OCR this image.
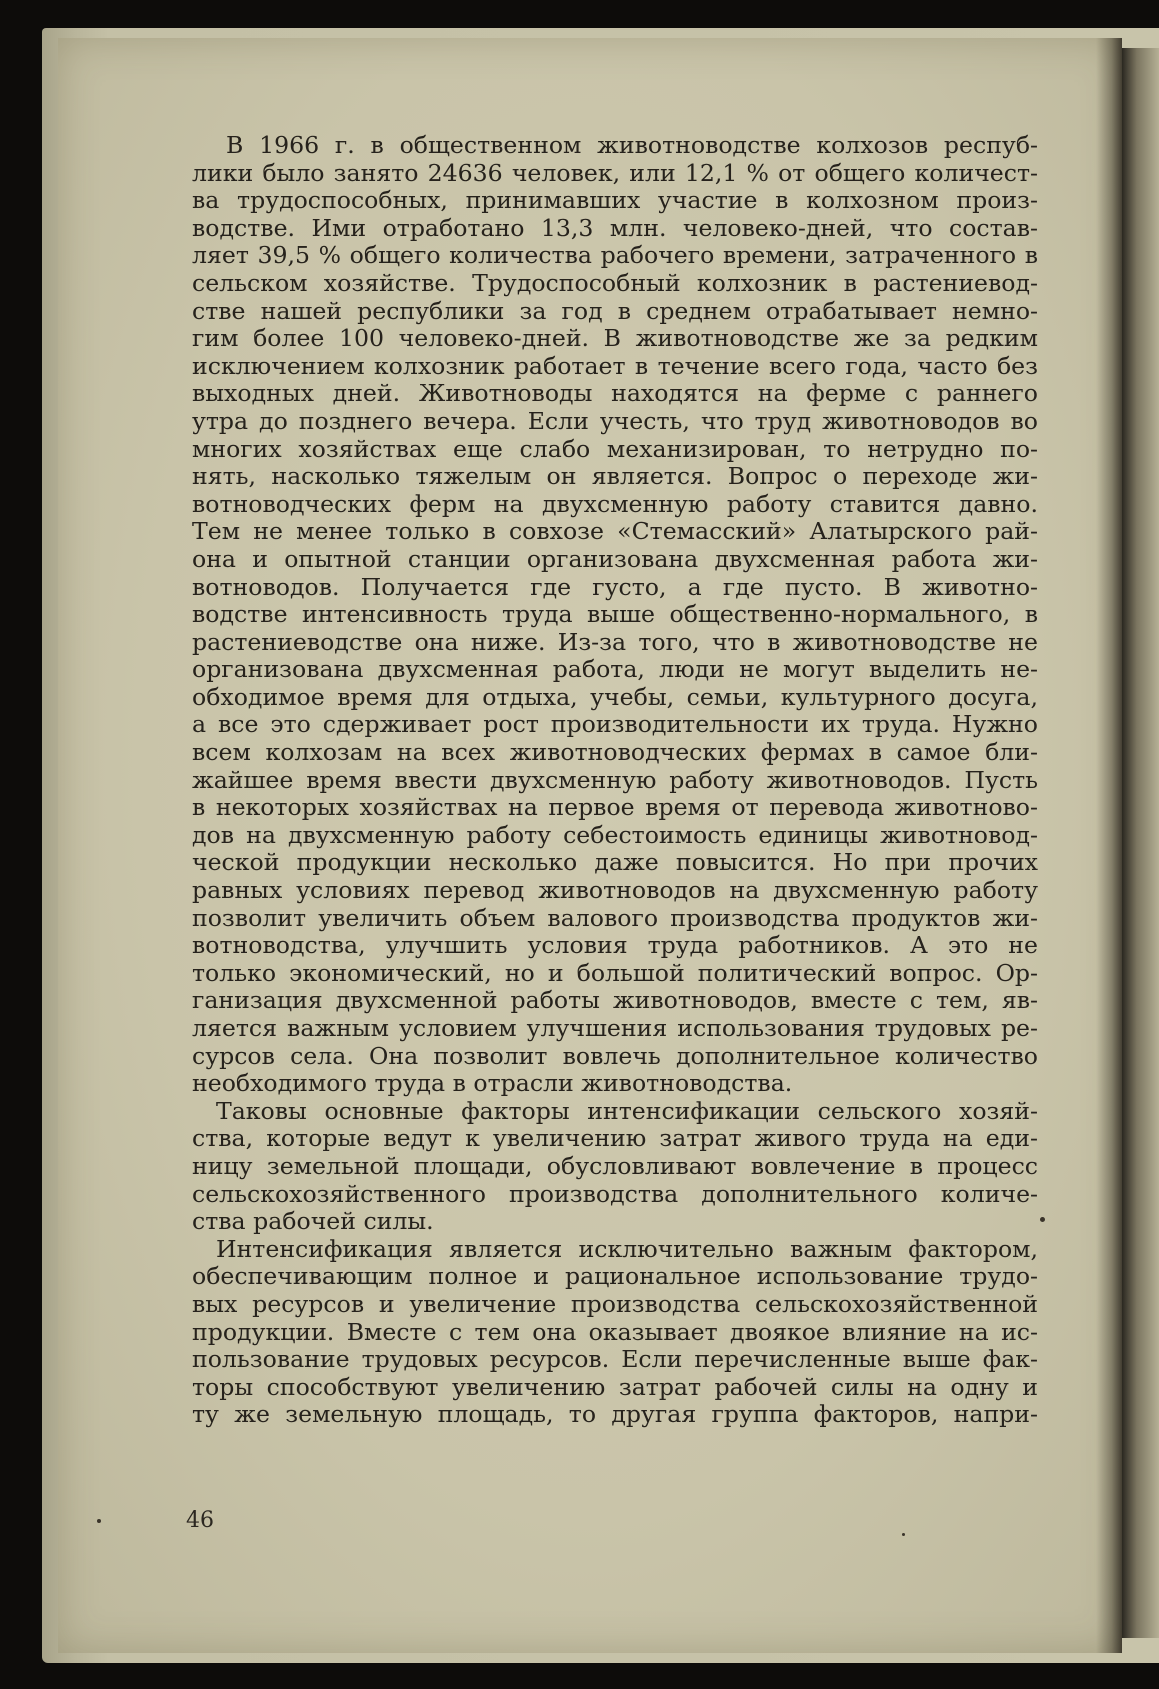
В 1966 г. в общественном животноводстве колхозов респуб-
лики было занято 24636 человек, или 12,1 % от общего количест-
ва трудоспособных, принимавших участие в колхозном произ-
водстве. Ими отработано 13,3 млн. человеко-дней, что состав-
ляет 39,5 % общего количества рабочего времени, затраченного в
сельском хозяйстве. Трудоспособный колхозник в растениевод-
стве нашей республики за год в среднем отрабатывает немно-
гим более 100 человеко-дней. В животноводстве же за редким
исключением колхозник работает в течение всего года, часто без
выходных дней. Животноводы находятся на ферме с раннего
утра до позднего вечера. Если учесть, что труд животноводов во
многих хозяйствах еще слабо механизирован, то нетрудно по-
нять, насколько тяжелым он является. Вопрос о переходе жи-
вотноводческих ферм на двухсменную работу ставится давно.
Тем не менее только в совхозе «Стемасский» Алатырского рай-
она и опытной станции организована двухсменная работа жи-
вотноводов. Получается где густо, а где пусто. В животно-
водстве интенсивность труда выше общественно-нормального, в
растениеводстве она ниже. Из-за того, что в животноводстве не
организована двухсменная работа, люди не могут выделить не-
обходимое время для отдыха, учебы, семьи, культурного досуга,
а все это сдерживает рост производительности их труда. Нужно
всем колхозам на всех животноводческих фермах в самое бли-
жайшее время ввести двухсменную работу животноводов. Пусть
в некоторых хозяйствах на первое время от перевода животново-
дов на двухсменную работу себестоимость единицы животновод-
ческой продукции несколько даже повысится. Но при прочих
равных условиях перевод животноводов на двухсменную работу
позволит увеличить объем валового производства продуктов жи-
вотноводства, улучшить условия труда работников. А это не
только экономический, но и большой политический вопрос. Ор-
ганизация двухсменной работы животноводов, вместе с тем, яв-
ляется важным условием улучшения использования трудовых ре-
сурсов села. Она позволит вовлечь дополнительное количество
необходимого труда в отрасли животноводства.
Таковы основные факторы интенсификации сельского хозяй-
ства, которые ведут к увеличению затрат живого труда на еди-
ницу земельной площади, обусловливают вовлечение в процесс
сельскохозяйственного производства дополнительного количе-
ства рабочей силы.
Интенсификация является исключительно важным фактором,
обеспечивающим полное и рациональное использование трудо-
вых ресурсов и увеличение производства сельскохозяйственной
продукции. Вместе с тем она оказывает двоякое влияние на ис-
пользование трудовых ресурсов. Если перечисленные выше фак-
торы способствуют увеличению затрат рабочей силы на одну и
ту же земельную площадь, то другая группа факторов, напри-
46
